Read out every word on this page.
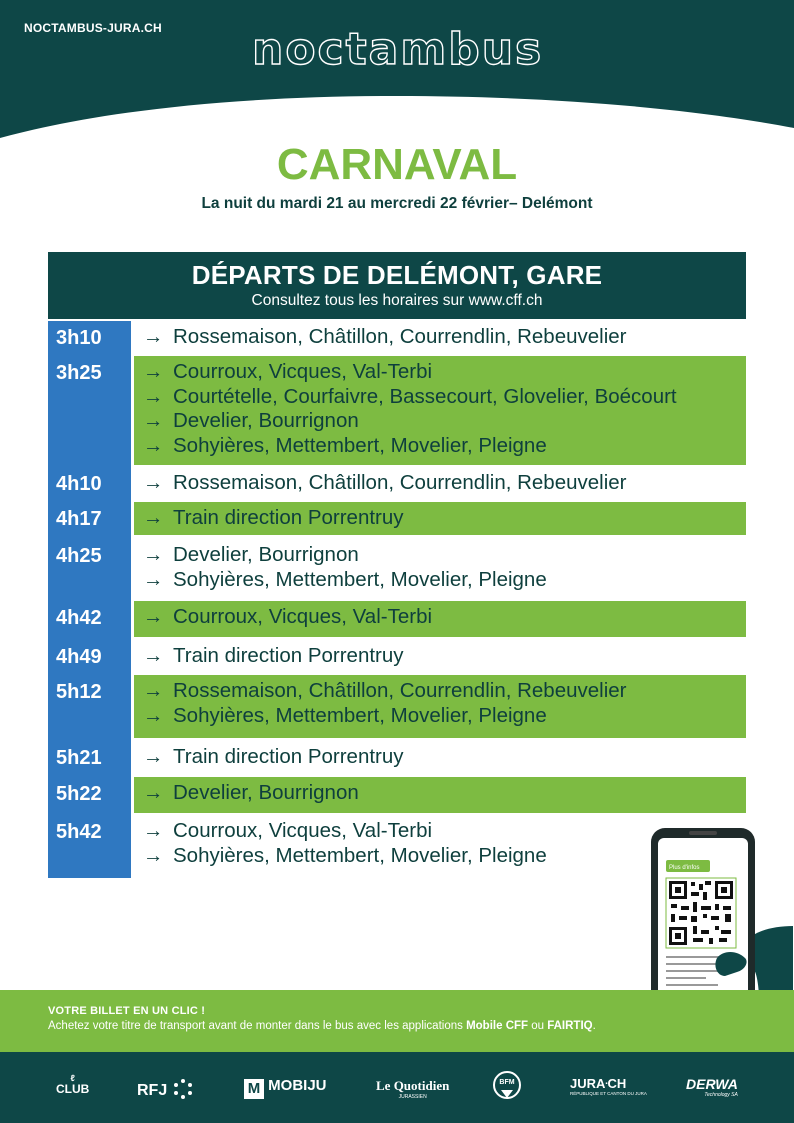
NOCTAMBUS-JURA.CH noctambus
CARNAVAL
La nuit du mardi 21 au mercredi 22 février– Delémont
DÉPARTS DE DELÉMONT, GARE
Consultez tous les horaires sur www.cff.ch
3h10 → Rossemaison, Châtillon, Courrendlin, Rebeuvelier
3h25 → Courroux, Vicques, Val-Terbi
→ Courtételle, Courfaivre, Bassecourt, Glovelier, Boécourt
→ Develier, Bourrignon
→ Sohyières, Mettembert, Movelier, Pleigne
4h10 → Rossemaison, Châtillon, Courrendlin, Rebeuvelier
4h17 → Train direction Porrentruy
4h25 → Develier, Bourrignon
→ Sohyières, Mettembert, Movelier, Pleigne
4h42 → Courroux, Vicques, Val-Terbi
4h49 → Train direction Porrentruy
5h12 → Rossemaison, Châtillon, Courrendlin, Rebeuvelier
→ Sohyières, Mettembert, Movelier, Pleigne
5h21 → Train direction Porrentruy
5h22 → Develier, Bourrignon
5h42 → Courroux, Vicques, Val-Terbi
→ Sohyières, Mettembert, Movelier, Pleigne
Plus d'infos
VOTRE BILLET EN UN CLIC !
Achetez votre titre de transport avant de monter dans le bus avec les applications Mobile CFF ou FAIRTIQ.
ℓ
CLUB	RFJ	M MOBIJU	Le Quotidien
JURASSIEN
BFM	JURA▪CH
RÉPUBLIQUE ET CANTON DU JURA
DERWA
Technology SA
